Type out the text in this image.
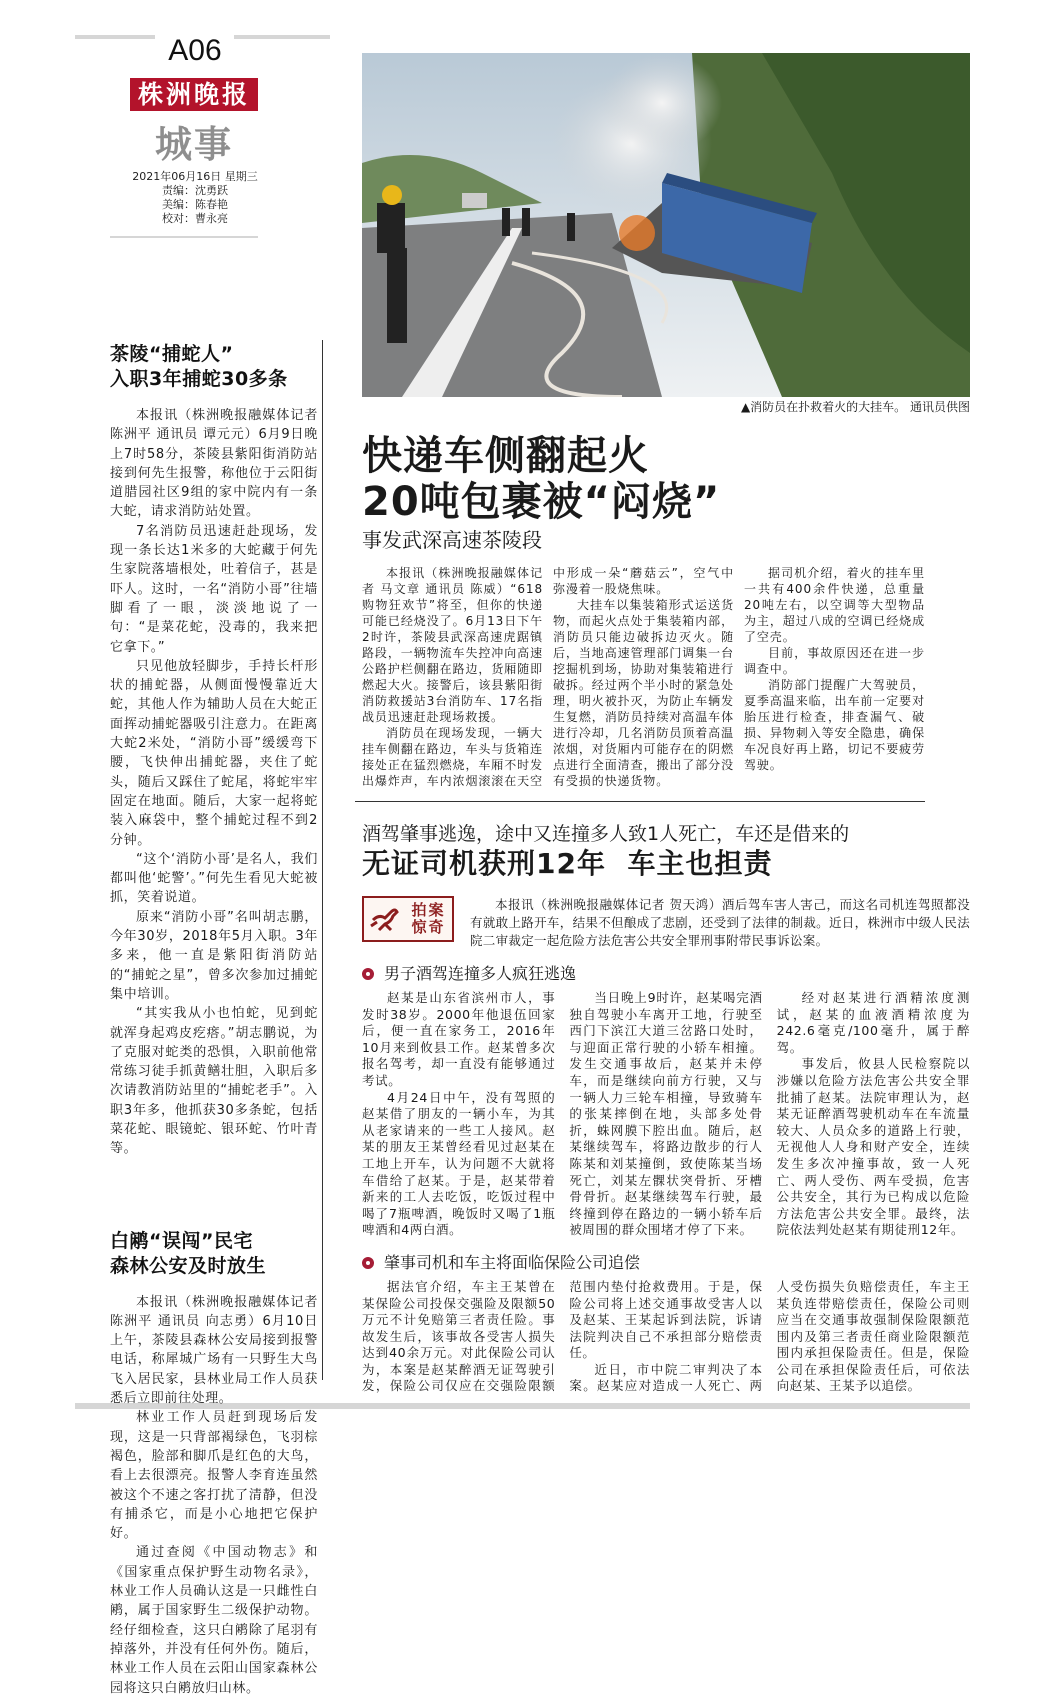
A06
株洲晚报
城事
2021年06月16日 星期三
责编：沈勇跃
美编：陈春艳
校对：曹永亮
茶陵“捕蛇人”
入职3年捕蛇30多条

本报讯（株洲晚报融媒体记者 陈洲平 通讯员 谭元元）6月9日晚上7时58分，茶陵县紫阳街消防站接到何先生报警，称他位于云阳街道腊园社区9组的家中院内有一条大蛇，请求消防站处置。

7名消防员迅速赶赴现场，发现一条长达1米多的大蛇藏于何先生家院落墙根处，吐着信子，甚是吓人。这时，一名“消防小哥”往墙脚看了一眼，淡淡地说了一句：“是菜花蛇，没毒的，我来把它拿下。”

只见他放轻脚步，手持长杆形状的捕蛇器，从侧面慢慢靠近大蛇，其他人作为辅助人员在大蛇正面挥动捕蛇器吸引注意力。在距离大蛇2米处，“消防小哥”缓缓弯下腰，飞快伸出捕蛇器，夹住了蛇头，随后又踩住了蛇尾，将蛇牢牢固定在地面。随后，大家一起将蛇装入麻袋中，整个捕蛇过程不到2分钟。

“这个‘消防小哥’是名人，我们都叫他‘蛇警’。”何先生看见大蛇被抓，笑着说道。

原来“消防小哥”名叫胡志鹏，今年30岁，2018年5月入职。3年多来，他一直是紫阳街消防站的“捕蛇之星”，曾多次参加过捕蛇集中培训。

“其实我从小也怕蛇，见到蛇就浑身起鸡皮疙瘩。”胡志鹏说，为了克服对蛇类的恐惧，入职前他常常练习徒手抓黄鳝壮胆，入职后多次请教消防站里的“捕蛇老手”。入职3年多，他抓获30多条蛇，包括菜花蛇、眼镜蛇、银环蛇、竹叶青等。

白鹇“误闯”民宅
森林公安及时放生

本报讯（株洲晚报融媒体记者 陈洲平 通讯员 向志勇）6月10日上午，茶陵县森林公安局接到报警电话，称犀城广场有一只野生大鸟飞入居民家，县林业局工作人员获悉后立即前往处理。

林业工作人员赶到现场后发现，这是一只背部褐绿色，飞羽棕褐色，脸部和脚爪是红色的大鸟，看上去很漂亮。报警人李育连虽然被这个不速之客打扰了清静，但没有捕杀它，而是小心地把它保护好。

通过查阅《中国动物志》和《国家重点保护野生动物名录》，林业工作人员确认这是一只雌性白鹇，属于国家野生二级保护动物。经仔细检查，这只白鹇除了尾羽有掉落外，并没有任何外伤。随后，林业工作人员在云阳山国家森林公园将这只白鹇放归山林。

▲消防员在扑救着火的大挂车。 通讯员供图
快递车侧翻起火
20吨包裹被“闷烧”
事发武深高速茶陵段

本报讯（株洲晚报融媒体记者 马文章 通讯员 陈威）“618购物狂欢节”将至，但你的快递可能已经烧没了。6月13日下午2时许，茶陵县武深高速虎踞镇路段，一辆物流车失控冲向高速公路护栏侧翻在路边，货厢随即燃起大火。接警后，该县紫阳街消防救援站3台消防车、17名指战员迅速赶赴现场救援。

消防员在现场发现，一辆大挂车侧翻在路边，车头与货箱连接处正在猛烈燃烧，车厢不时发出爆炸声，车内浓烟滚滚在天空中形成一朵“蘑菇云”，空气中弥漫着一股烧焦味。

大挂车以集装箱形式运送货物，而起火点处于集装箱内部，消防员只能边破拆边灭火。随后，当地高速管理部门调集一台挖掘机到场，协助对集装箱进行破拆。经过两个半小时的紧急处理，明火被扑灭，为防止车辆发生复燃，消防员持续对高温车体进行冷却，几名消防员顶着高温浓烟，对货厢内可能存在的阴燃点进行全面清查，搬出了部分没有受损的快递货物。

据司机介绍，着火的挂车里一共有400余件快递，总重量20吨左右，以空调等大型物品为主，超过八成的空调已经烧成了空壳。

目前，事故原因还在进一步调查中。

消防部门提醒广大驾驶员，夏季高温来临，出车前一定要对胎压进行检查，排查漏气、破损、异物刺入等安全隐患，确保车况良好再上路，切记不要疲劳驾驶。

酒驾肇事逃逸，途中又连撞多人致1人死亡，车还是借来的
无证司机获刑12年  车主也担责
拍案惊奇
本报讯（株洲晚报融媒体记者 贺天鸿）酒后驾车害人害己，而这名司机连驾照都没有就敢上路开车，结果不但酿成了悲剧，还受到了法律的制裁。近日，株洲市中级人民法院二审裁定一起危险方法危害公共安全罪刑事附带民事诉讼案。
男子酒驾连撞多人疯狂逃逸

赵某是山东省滨州市人，事发时38岁。2000年他退伍回家后，便一直在家务工，2016年10月来到攸县工作。赵某曾多次报名驾考，却一直没有能够通过考试。

4月24日中午，没有驾照的赵某借了朋友的一辆小车，为其从老家请来的一些工人接风。赵某的朋友王某曾经看见过赵某在工地上开车，认为问题不大就将车借给了赵某。于是，赵某带着新来的工人去吃饭，吃饭过程中喝了7瓶啤酒，晚饭时又喝了1瓶啤酒和4两白酒。

当日晚上9时许，赵某喝完酒独自驾驶小车离开工地，行驶至西门下滨江大道三岔路口处时，与迎面正常行驶的小轿车相撞。发生交通事故后，赵某并未停车，而是继续向前方行驶，又与一辆人力三轮车相撞，导致骑车的张某摔倒在地，头部多处骨折，蛛网膜下腔出血。随后，赵某继续驾车，将路边散步的行人陈某和刘某撞倒，致使陈某当场死亡，刘某左髁状突骨折、牙槽骨骨折。赵某继续驾车行驶，最终撞到停在路边的一辆小轿车后被周围的群众围堵才停了下来。

经对赵某进行酒精浓度测试，赵某的血液酒精浓度为242.6毫克/100毫升，属于醉驾。

事发后，攸县人民检察院以涉嫌以危险方法危害公共安全罪批捕了赵某。法院审理认为，赵某无证醉酒驾驶机动车在车流量较大、人员众多的道路上行驶，无视他人人身和财产安全，连续发生多次冲撞事故，致一人死亡、两人受伤、两车受损，危害公共安全，其行为已构成以危险方法危害公共安全罪。最终，法院依法判处赵某有期徒刑12年。

肇事司机和车主将面临保险公司追偿

据法官介绍，车主王某曾在某保险公司投保交强险及限额50万元不计免赔第三者责任险。事故发生后，该事故各受害人损失达到40余万元。对此保险公司认为，本案是赵某醉酒无证驾驶引发，保险公司仅应在交强险限额范围内垫付抢救费用。于是，保险公司将上述交通事故受害人以及赵某、王某起诉到法院，诉请法院判决自己不承担部分赔偿责任。

近日，市中院二审判决了本案。赵某应对造成一人死亡、两人受伤损失负赔偿责任，车主王某负连带赔偿责任，保险公司则应当在交通事故强制保险限额范围内及第三者责任商业险限额范围内承担保险责任。但是，保险公司在承担保险责任后，可依法向赵某、王某予以追偿。
